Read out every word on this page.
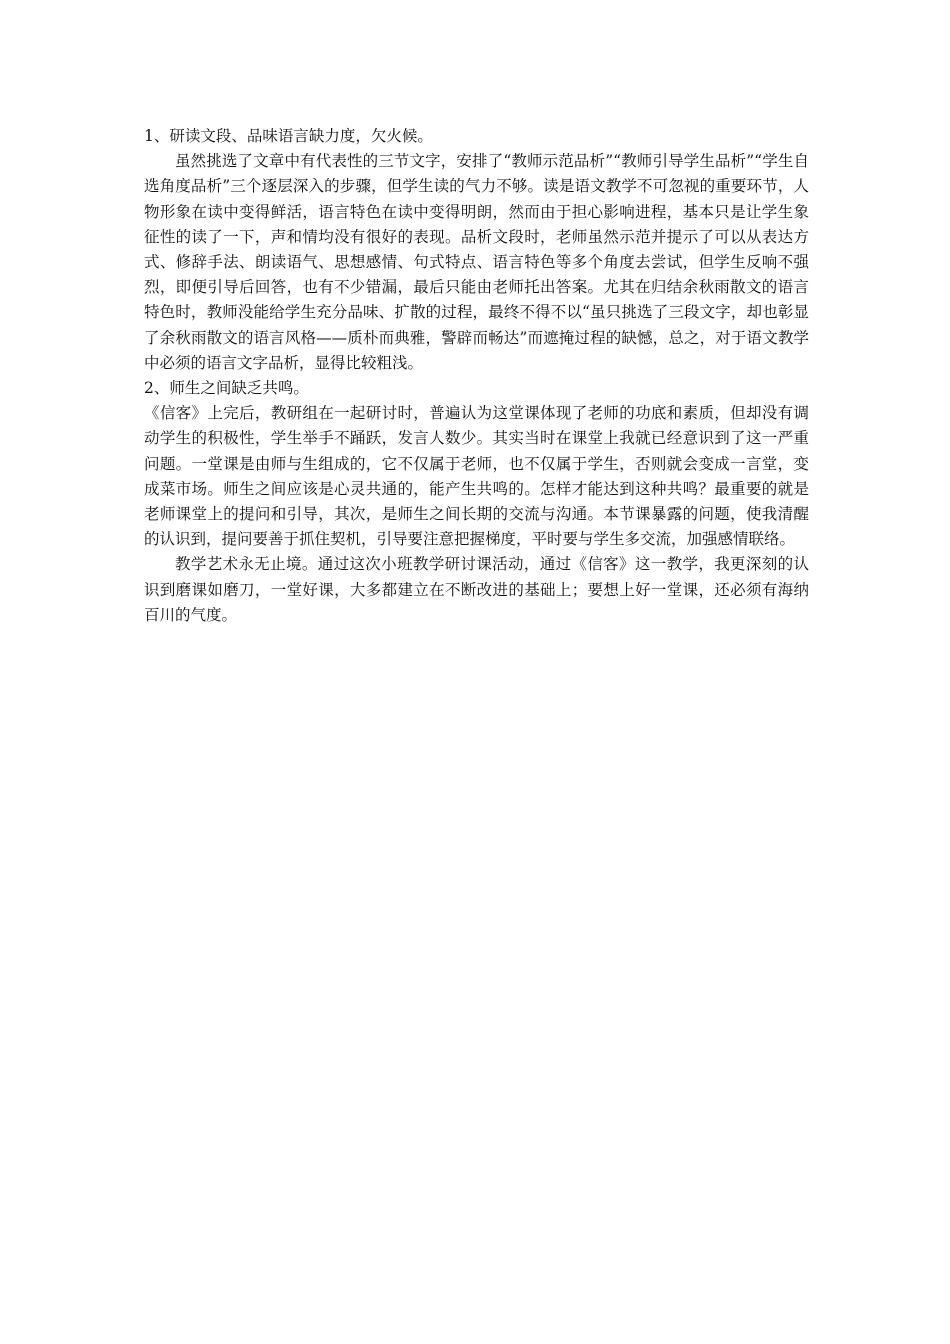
1、研读文段、品味语言缺力度，欠火候。

虽然挑选了文章中有代表性的三节文字，安排了“教师示范品析”“教师引导学生品析”“学生自选角度品析”三个逐层深入的步骤，但学生读的气力不够。读是语文教学不可忽视的重要环节，人物形象在读中变得鲜活，语言特色在读中变得明朗，然而由于担心影响进程，基本只是让学生象征性的读了一下，声和情均没有很好的表现。品析文段时，老师虽然示范并提示了可以从表达方式、修辞手法、朗读语气、思想感情、句式特点、语言特色等多个角度去尝试，但学生反响不强烈，即便引导后回答，也有不少错漏，最后只能由老师托出答案。尤其在归结余秋雨散文的语言特色时，教师没能给学生充分品味、扩散的过程，最终不得不以“虽只挑选了三段文字，却也彰显了余秋雨散文的语言风格——质朴而典雅，警辟而畅达”而遮掩过程的缺憾，总之，对于语文教学中必须的语言文字品析，显得比较粗浅。

2、师生之间缺乏共鸣。

《信客》上完后，教研组在一起研讨时，普遍认为这堂课体现了老师的功底和素质，但却没有调动学生的积极性，学生举手不踊跃，发言人数少。其实当时在课堂上我就已经意识到了这一严重问题。一堂课是由师与生组成的，它不仅属于老师，也不仅属于学生，否则就会变成一言堂，变成菜市场。师生之间应该是心灵共通的，能产生共鸣的。怎样才能达到这种共鸣？最重要的就是老师课堂上的提问和引导，其次，是师生之间长期的交流与沟通。本节课暴露的问题，使我清醒的认识到，提问要善于抓住契机，引导要注意把握梯度，平时要与学生多交流，加强感情联络。

教学艺术永无止境。通过这次小班教学研讨课活动，通过《信客》这一教学，我更深刻的认识到磨课如磨刀，一堂好课，大多都建立在不断改进的基础上；要想上好一堂课，还必须有海纳百川的气度。
